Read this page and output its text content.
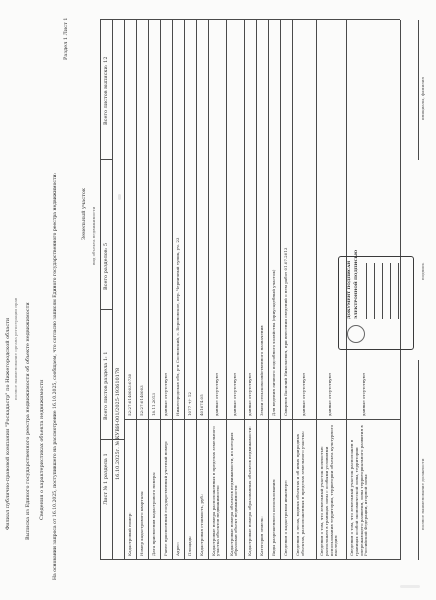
Филиал публично-правовой компании "Роскадастр" по Нижегородской области полное наименование органа регистрации прав Выписка из Единого государственного реестра недвижимости об объекте недвижимости Сведения о характеристиках объекта недвижимости На основании запроса от 16.10.2025, поступившего на рассмотрение 16.10.2025, сообщаем, что согласно записям Единого государственного реестра недвижимости:
Раздел 1 Лист 1
Земельный участок вид объекта недвижимости
Лист № 1 раздела 1
Всего листов раздела 1: 1
Всего разделов: 5
Всего листов выписки: 12
16.10.2025г. № КУВИ-001/2025-193610178
Кадастровый номер:
52:27:0140003:0730
Номер кадастрового квартала:
52:27:0140003
Дата присвоения кадастрового номера:
18.11.2013
Ранее присвоенный государственный учетный номер:
данные отсутствуют
Адрес:
Нижегородская обл, р-н Сосновский, с. Вороновское, пер. Черничный тупик, уч. 23
Площадь:
1077 +/- 12
Кадастровая стоимость, руб.:
401674.05
Кадастровые номера расположенных в пределах земельного участка объектов недвижимости:
данные отсутствуют
Кадастровые номера объектов недвижимости, из которых образован объект недвижимости:
данные отсутствуют
Кадастровые номера образованных объектов недвижимости:
данные отсутствуют
Категория земель:
Земли сельскохозяйственного назначения
Виды разрешенного использования:
Для ведения личного подсобного хозяйства (приусадебный участок)
Сведения о кадастровом инженере:
Смирнов Василий Николаевич, при внесении сведений о нем работ 01.07.2013
Сведения о лесах, водных объектах и об иных природных объектах, расположенных в пределах земельного участка:
данные отсутствуют
Сведения о том, что земельный участок полностью расположен в границах зоны с особыми условиями использования территории, территории объекта культурного наследия:
данные отсутствуют
Сведения о том, что земельный участок расположен в границах особой экономической зоны, территории опережающего развития, зоны территориального развития в Российской Федерации, игорной зоны:
данные отсутствуют
полное наименование должности
подпись
инициалы, фамилия
ДОКУМЕНТ ПОДПИСАН ЭЛЕКТРОННОЙ ПОДПИСЬЮ
